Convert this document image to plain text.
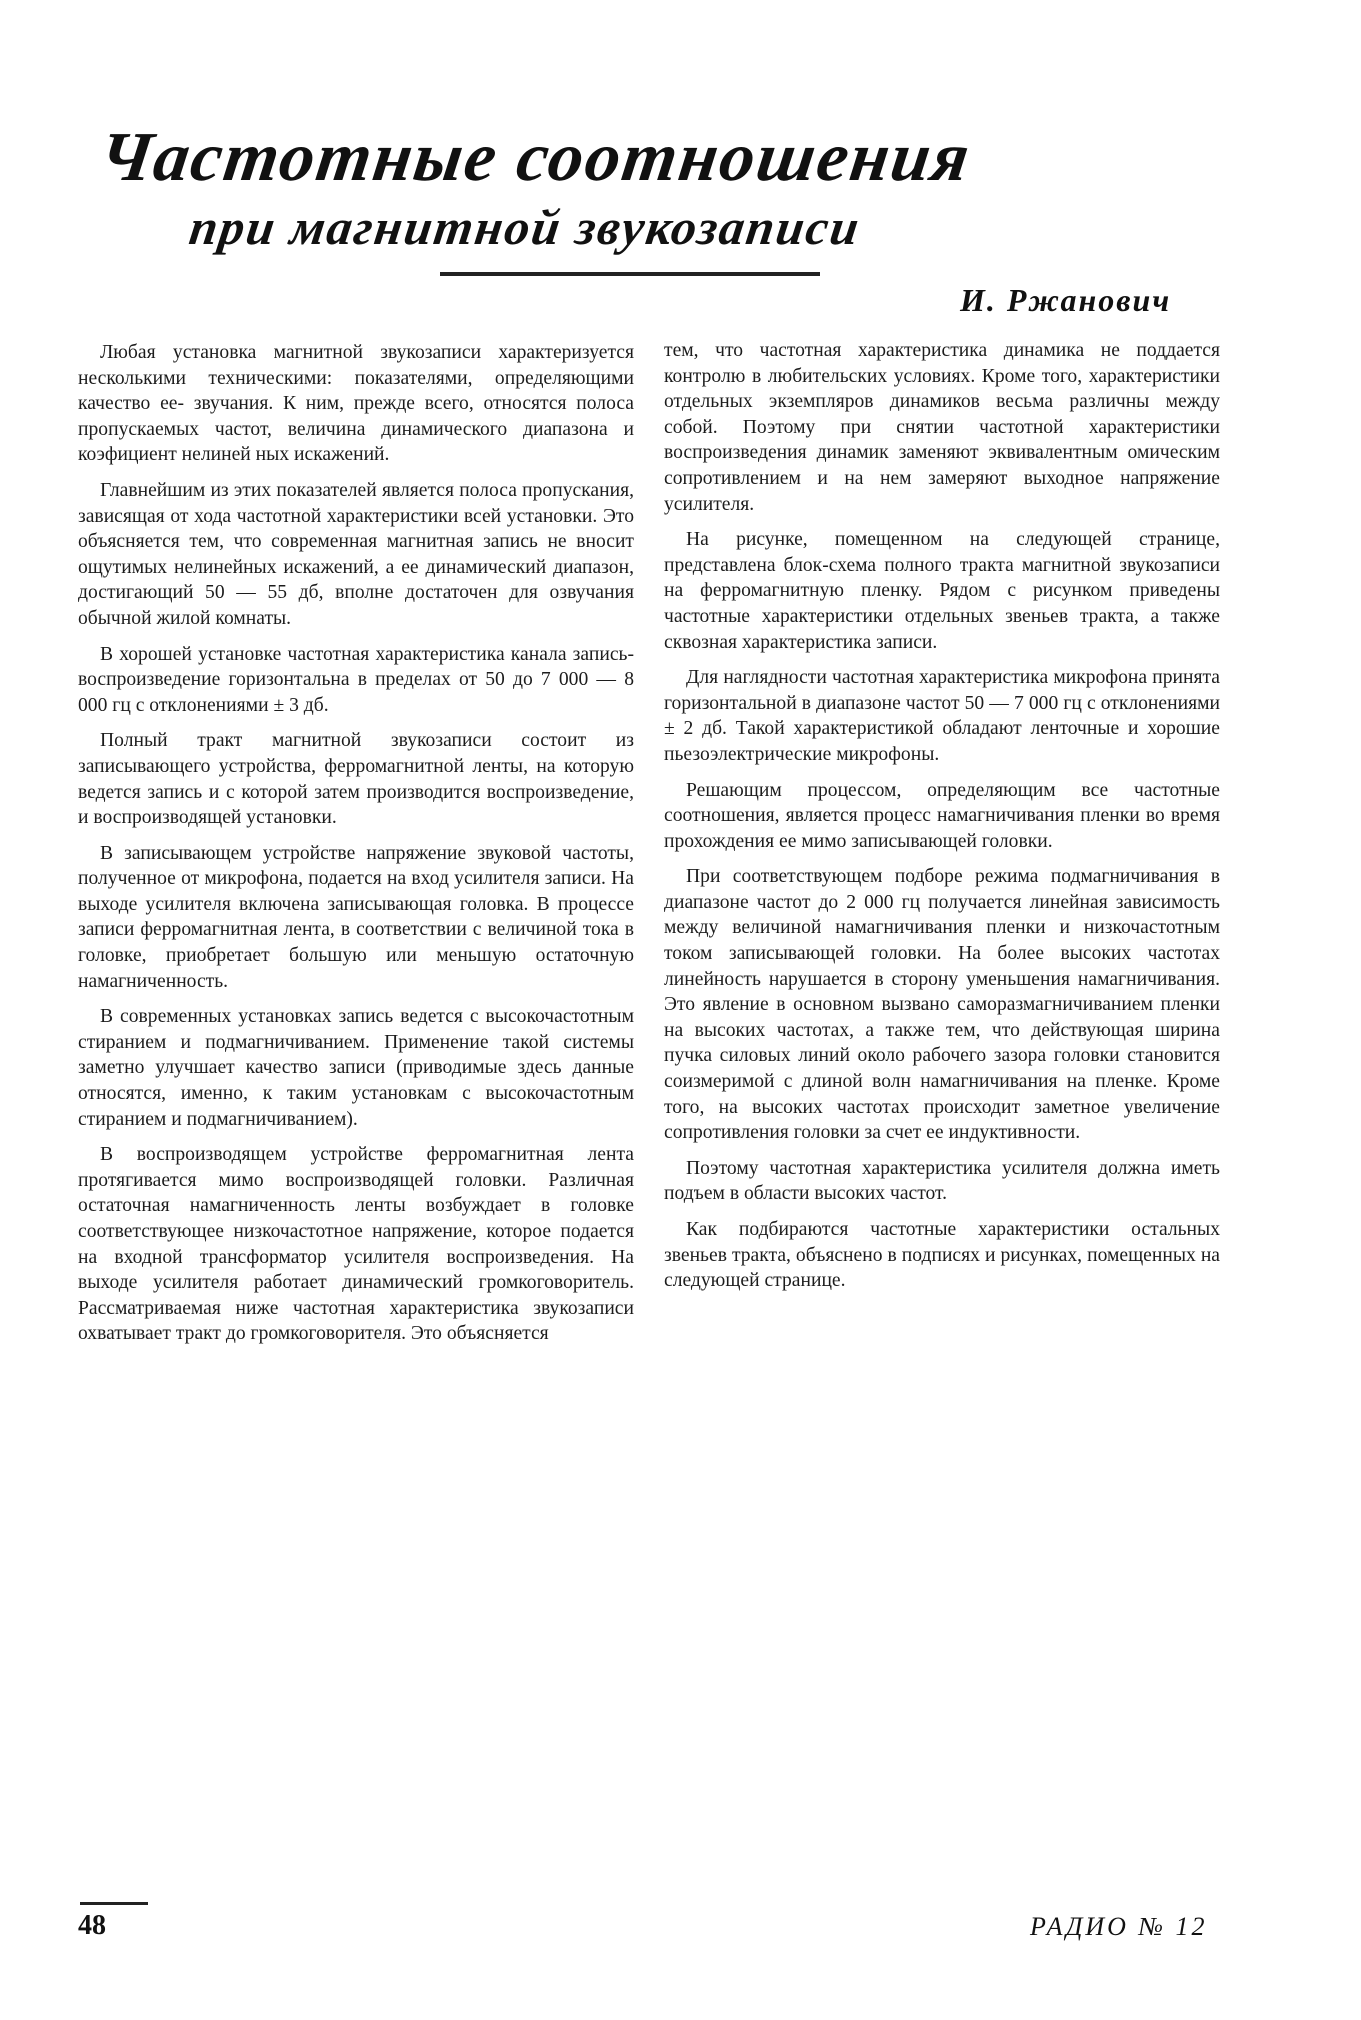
Частотные соотношения
при магнитной звукозаписи
И. Ржанович

Любая установка магнитной звукозаписи характеризуется несколькими техническими: показателями, определяющими качество ее- звучания. К ним, прежде всего, относятся полоса пропускаемых частот, величина динамического диапазона и коэфициент нелиней ных искажений.

Главнейшим из этих показателей является полоса пропускания, зависящая от хода частотной характеристики всей установки. Это объясняется тем, что современная магнитная запись не вносит ощутимых нелинейных искажений, а ее динамический диапазон, достигающий 50 — 55 дб, вполне достаточен для озвучания обычной жилой комнаты.

В хорошей установке частотная характеристика канала запись-воспроизведение горизонтальна в пределах от 50 до 7 000 — 8 000 гц с отклонениями ± 3 дб.

Полный тракт магнитной звукозаписи состоит из записывающего устройства, ферромагнитной ленты, на которую ведется запись и с которой затем производится воспроизведение, и воспроизводящей установки.

В записывающем устройстве напряжение звуковой частоты, полученное от микрофона, подается на вход усилителя записи. На выходе усилителя включена записывающая головка. В процессе записи ферромагнитная лента, в соответствии с величиной тока в головке, приобретает большую или меньшую остаточную намагниченность.

В современных установках запись ведется с высокочастотным стиранием и подмагничиванием. Применение такой системы заметно улучшает качество записи (приводимые здесь данные относятся, именно, к таким установкам с высокочастотным стиранием и подмагничиванием).

В воспроизводящем устройстве ферромагнитная лента протягивается мимо воспроизводящей головки. Различная остаточная намагниченность ленты возбуждает в головке соответствующее низкочастотное напряжение, которое подается на входной трансформатор усилителя воспроизведения. На выходе усилителя работает динамический громкоговоритель. Рассматриваемая ниже частотная характеристика звукозаписи охватывает тракт до громкоговорителя. Это объясняется

тем, что частотная характеристика динамика не поддается контролю в любительских условиях. Кроме того, характеристики отдельных экземпляров динамиков весьма различны между собой. Поэтому при снятии частотной характеристики воспроизведения динамик заменяют эквивалентным омическим сопротивлением и на нем замеряют выходное напряжение усилителя.

На рисунке, помещенном на следующей странице, представлена блок-схема полного тракта магнитной звукозаписи на ферромагнитную пленку. Рядом с рисунком приведены частотные характеристики отдельных звеньев тракта, а также сквозная характеристика записи.

Для наглядности частотная характеристика микрофона принята горизонтальной в диапазоне частот 50 — 7 000 гц с отклонениями ± 2 дб. Такой характеристикой обладают ленточные и хорошие пьезоэлектрические микрофоны.

Решающим процессом, определяющим все частотные соотношения, является процесс намагничивания пленки во время прохождения ее мимо записывающей головки.

При соответствующем подборе режима подмагничивания в диапазоне частот до 2 000 гц получается линейная зависимость между величиной намагничивания пленки и низкочастотным током записывающей головки. На более высоких частотах линейность нарушается в сторону уменьшения намагничивания. Это явление в основном вызвано саморазмагничиванием пленки на высоких частотах, а также тем, что действующая ширина пучка силовых линий около рабочего зазора головки становится соизмеримой с длиной волн намагничивания на пленке. Кроме того, на высоких частотах происходит заметное увеличение сопротивления головки за счет ее индуктивности.

Поэтому частотная характеристика усилителя должна иметь подъем в области высоких частот.

Как подбираются частотные характеристики остальных звеньев тракта, объяснено в подписях и рисунках, помещенных на следующей странице.

48	РАДИО № 12
